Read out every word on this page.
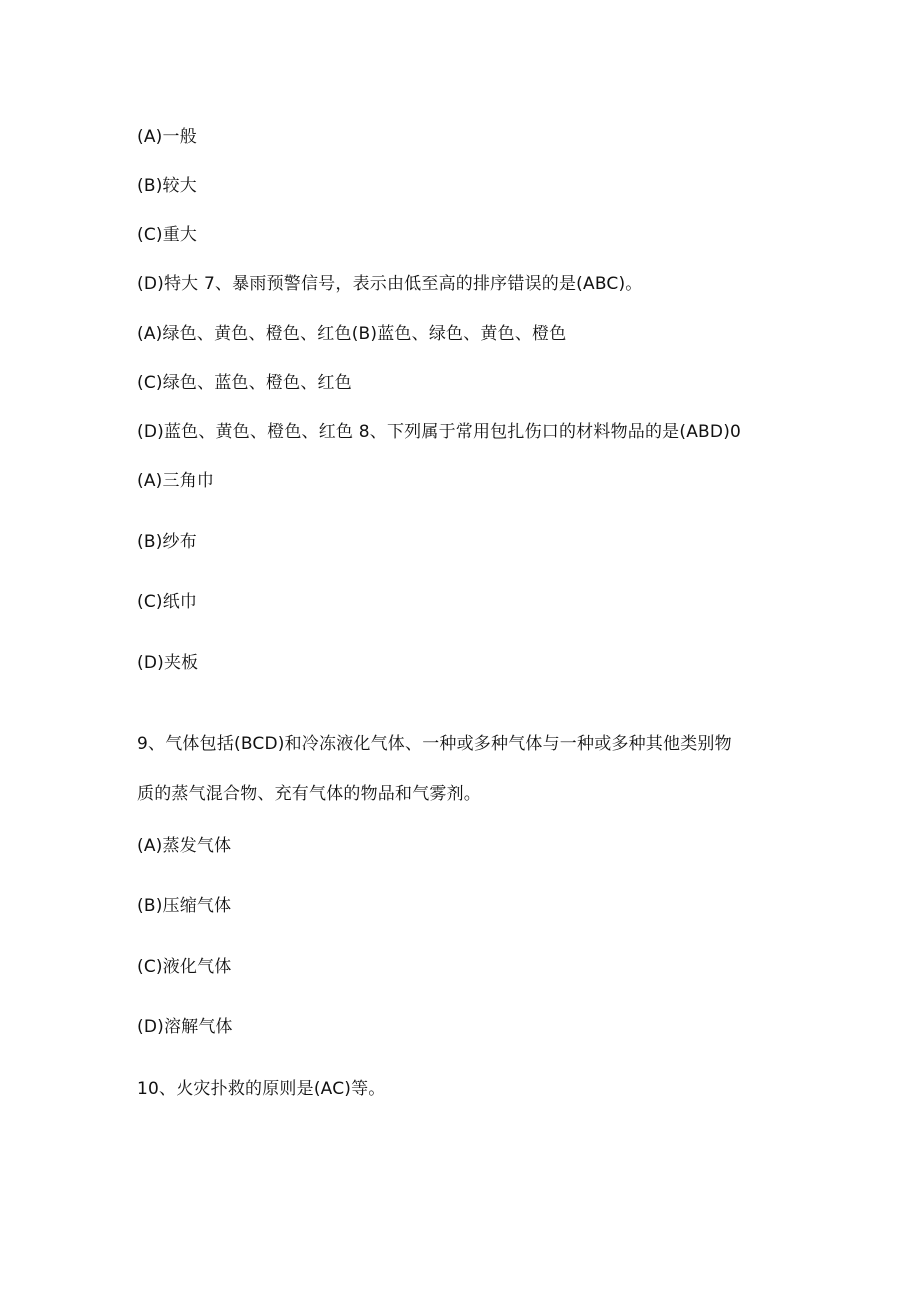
(A)一般
(B)较大
(C)重大
(D)特大 7、暴雨预警信号，表示由低至高的排序错误的是(ABC)。
(A)绿色、黄色、橙色、红色(B)蓝色、绿色、黄色、橙色
(C)绿色、蓝色、橙色、红色
(D)蓝色、黄色、橙色、红色 8、下列属于常用包扎伤口的材料物品的是(ABD)0
(A)三角巾
(B)纱布
(C)纸巾
(D)夹板
9、气体包括(BCD)和冷冻液化气体、一种或多种气体与一种或多种其他类别物
质的蒸气混合物、充有气体的物品和气雾剂。
(A)蒸发气体
(B)压缩气体
(C)液化气体
(D)溶解气体
10、火灾扑救的原则是(AC)等。
